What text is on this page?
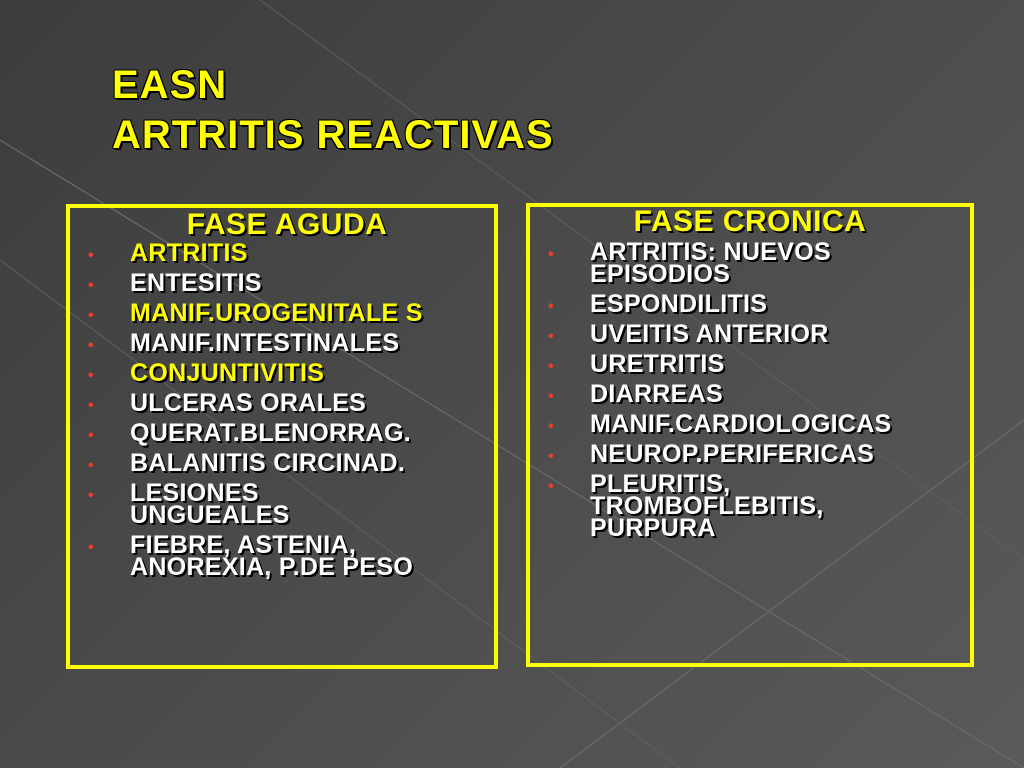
EASN
ARTRITIS REACTIVAS
FASE AGUDA
• ARTRITIS
• ENTESITIS
• MANIF.UROGENITALE S
• MANIF.INTESTINALES
• CONJUNTIVITIS
• ULCERAS ORALES
• QUERAT.BLENORRAG.
• BALANITIS CIRCINAD.
• LESIONES UNGUEALES
• FIEBRE, ASTENIA, ANOREXIA, P.DE PESO
FASE CRONICA
• ARTRITIS: NUEVOS EPISODIOS
• ESPONDILITIS
• UVEITIS ANTERIOR
• URETRITIS
• DIARREAS
• MANIF.CARDIOLOGICAS
• NEUROP.PERIFERICAS
• PLEURITIS, TROMBOFLEBITIS, PURPURA
